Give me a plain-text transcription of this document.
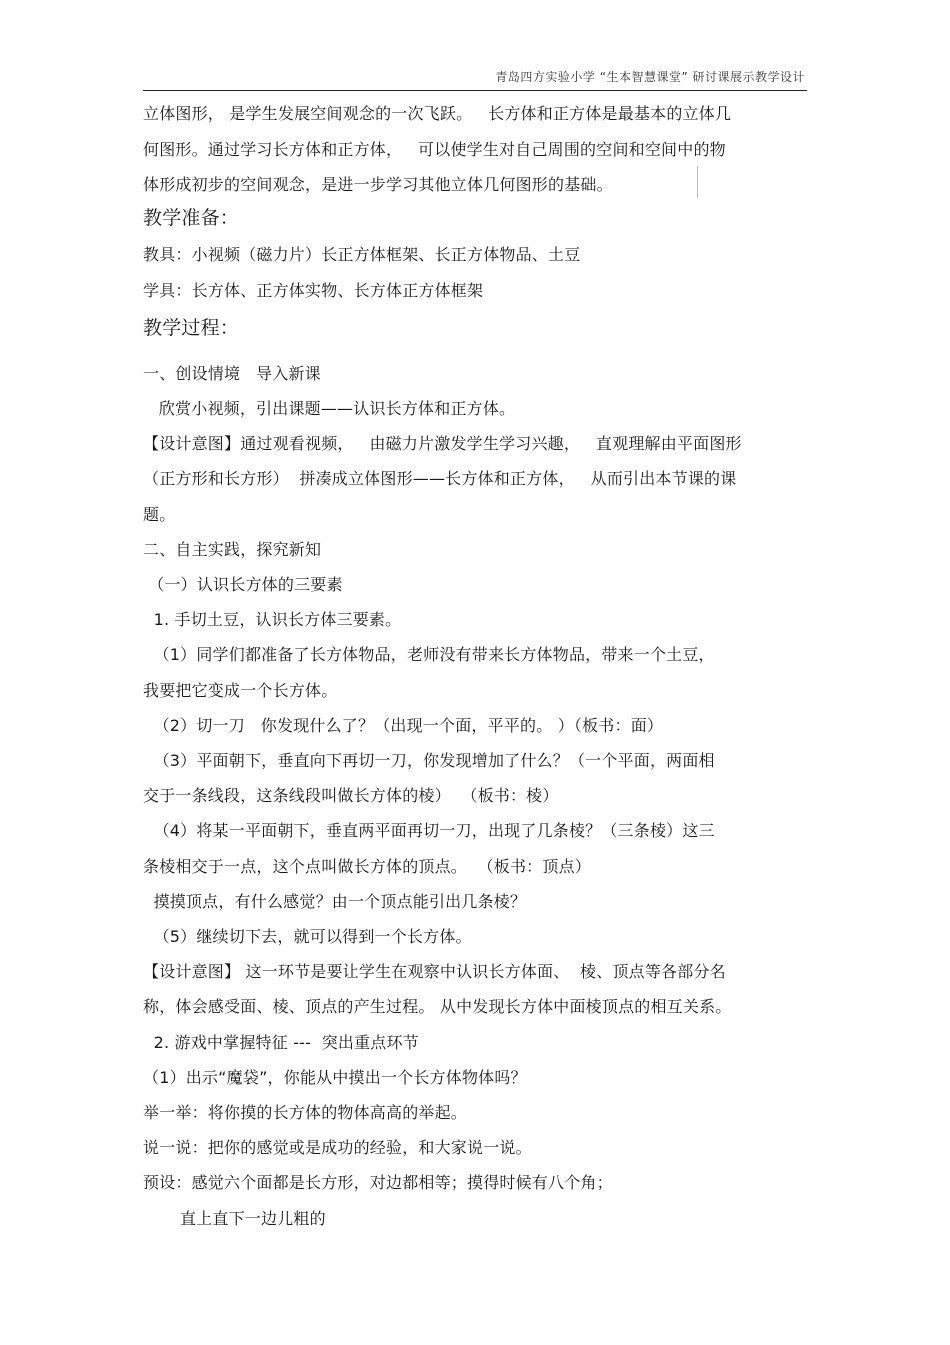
青岛四方实验小学 “生本智慧课堂” 研讨课展示教学设计
立体图形， 是学生发展空间观念的一次飞跃。   长方体和正方体是最基本的立体几
何图形。通过学习长方体和正方体，   可以使学生对自己周围的空间和空间中的物
体形成初步的空间观念，是进一步学习其他立体几何图形的基础。
教学准备：
教具：小视频（磁力片）长正方体框架、长正方体物品、土豆
学具：长方体、正方体实物、长方体正方体框架
教学过程：
一、创设情境   导入新课
欣赏小视频，引出课题——认识长方体和正方体。
【设计意图】通过观看视频，   由磁力片激发学生学习兴趣，   直观理解由平面图形
（正方形和长方形）  拼凑成立体图形——长方体和正方体，   从而引出本节课的课
题。
二、自主实践，探究新知
（一）认识长方体的三要素
1. 手切土豆，认识长方体三要素。
（1）同学们都准备了长方体物品，老师没有带来长方体物品，带来一个土豆，
我要把它变成一个长方体。
（2）切一刀   你发现什么了？（出现一个面，平平的。 ）（板书：面）
（3）平面朝下，垂直向下再切一刀，你发现增加了什么？（一个平面，两面相
交于一条线段，这条线段叫做长方体的棱）  （板书：棱）
（4）将某一平面朝下，垂直两平面再切一刀，出现了几条棱？（三条棱）这三
条棱相交于一点，这个点叫做长方体的顶点。  （板书：顶点）
摸摸顶点，有什么感觉？由一个顶点能引出几条棱？
（5）继续切下去，就可以得到一个长方体。
【设计意图】 这一环节是要让学生在观察中认识长方体面、  棱、顶点等各部分名
称，体会感受面、棱、顶点的产生过程。 从中发现长方体中面棱顶点的相互关系。
2. 游戏中掌握特征 ---  突出重点环节
（1）出示“魔袋”，你能从中摸出一个长方体物体吗？
举一举：将你摸的长方体的物体高高的举起。
说一说：把你的感觉或是成功的经验，和大家说一说。
预设：感觉六个面都是长方形，对边都相等；摸得时候有八个角；
直上直下一边儿粗的
